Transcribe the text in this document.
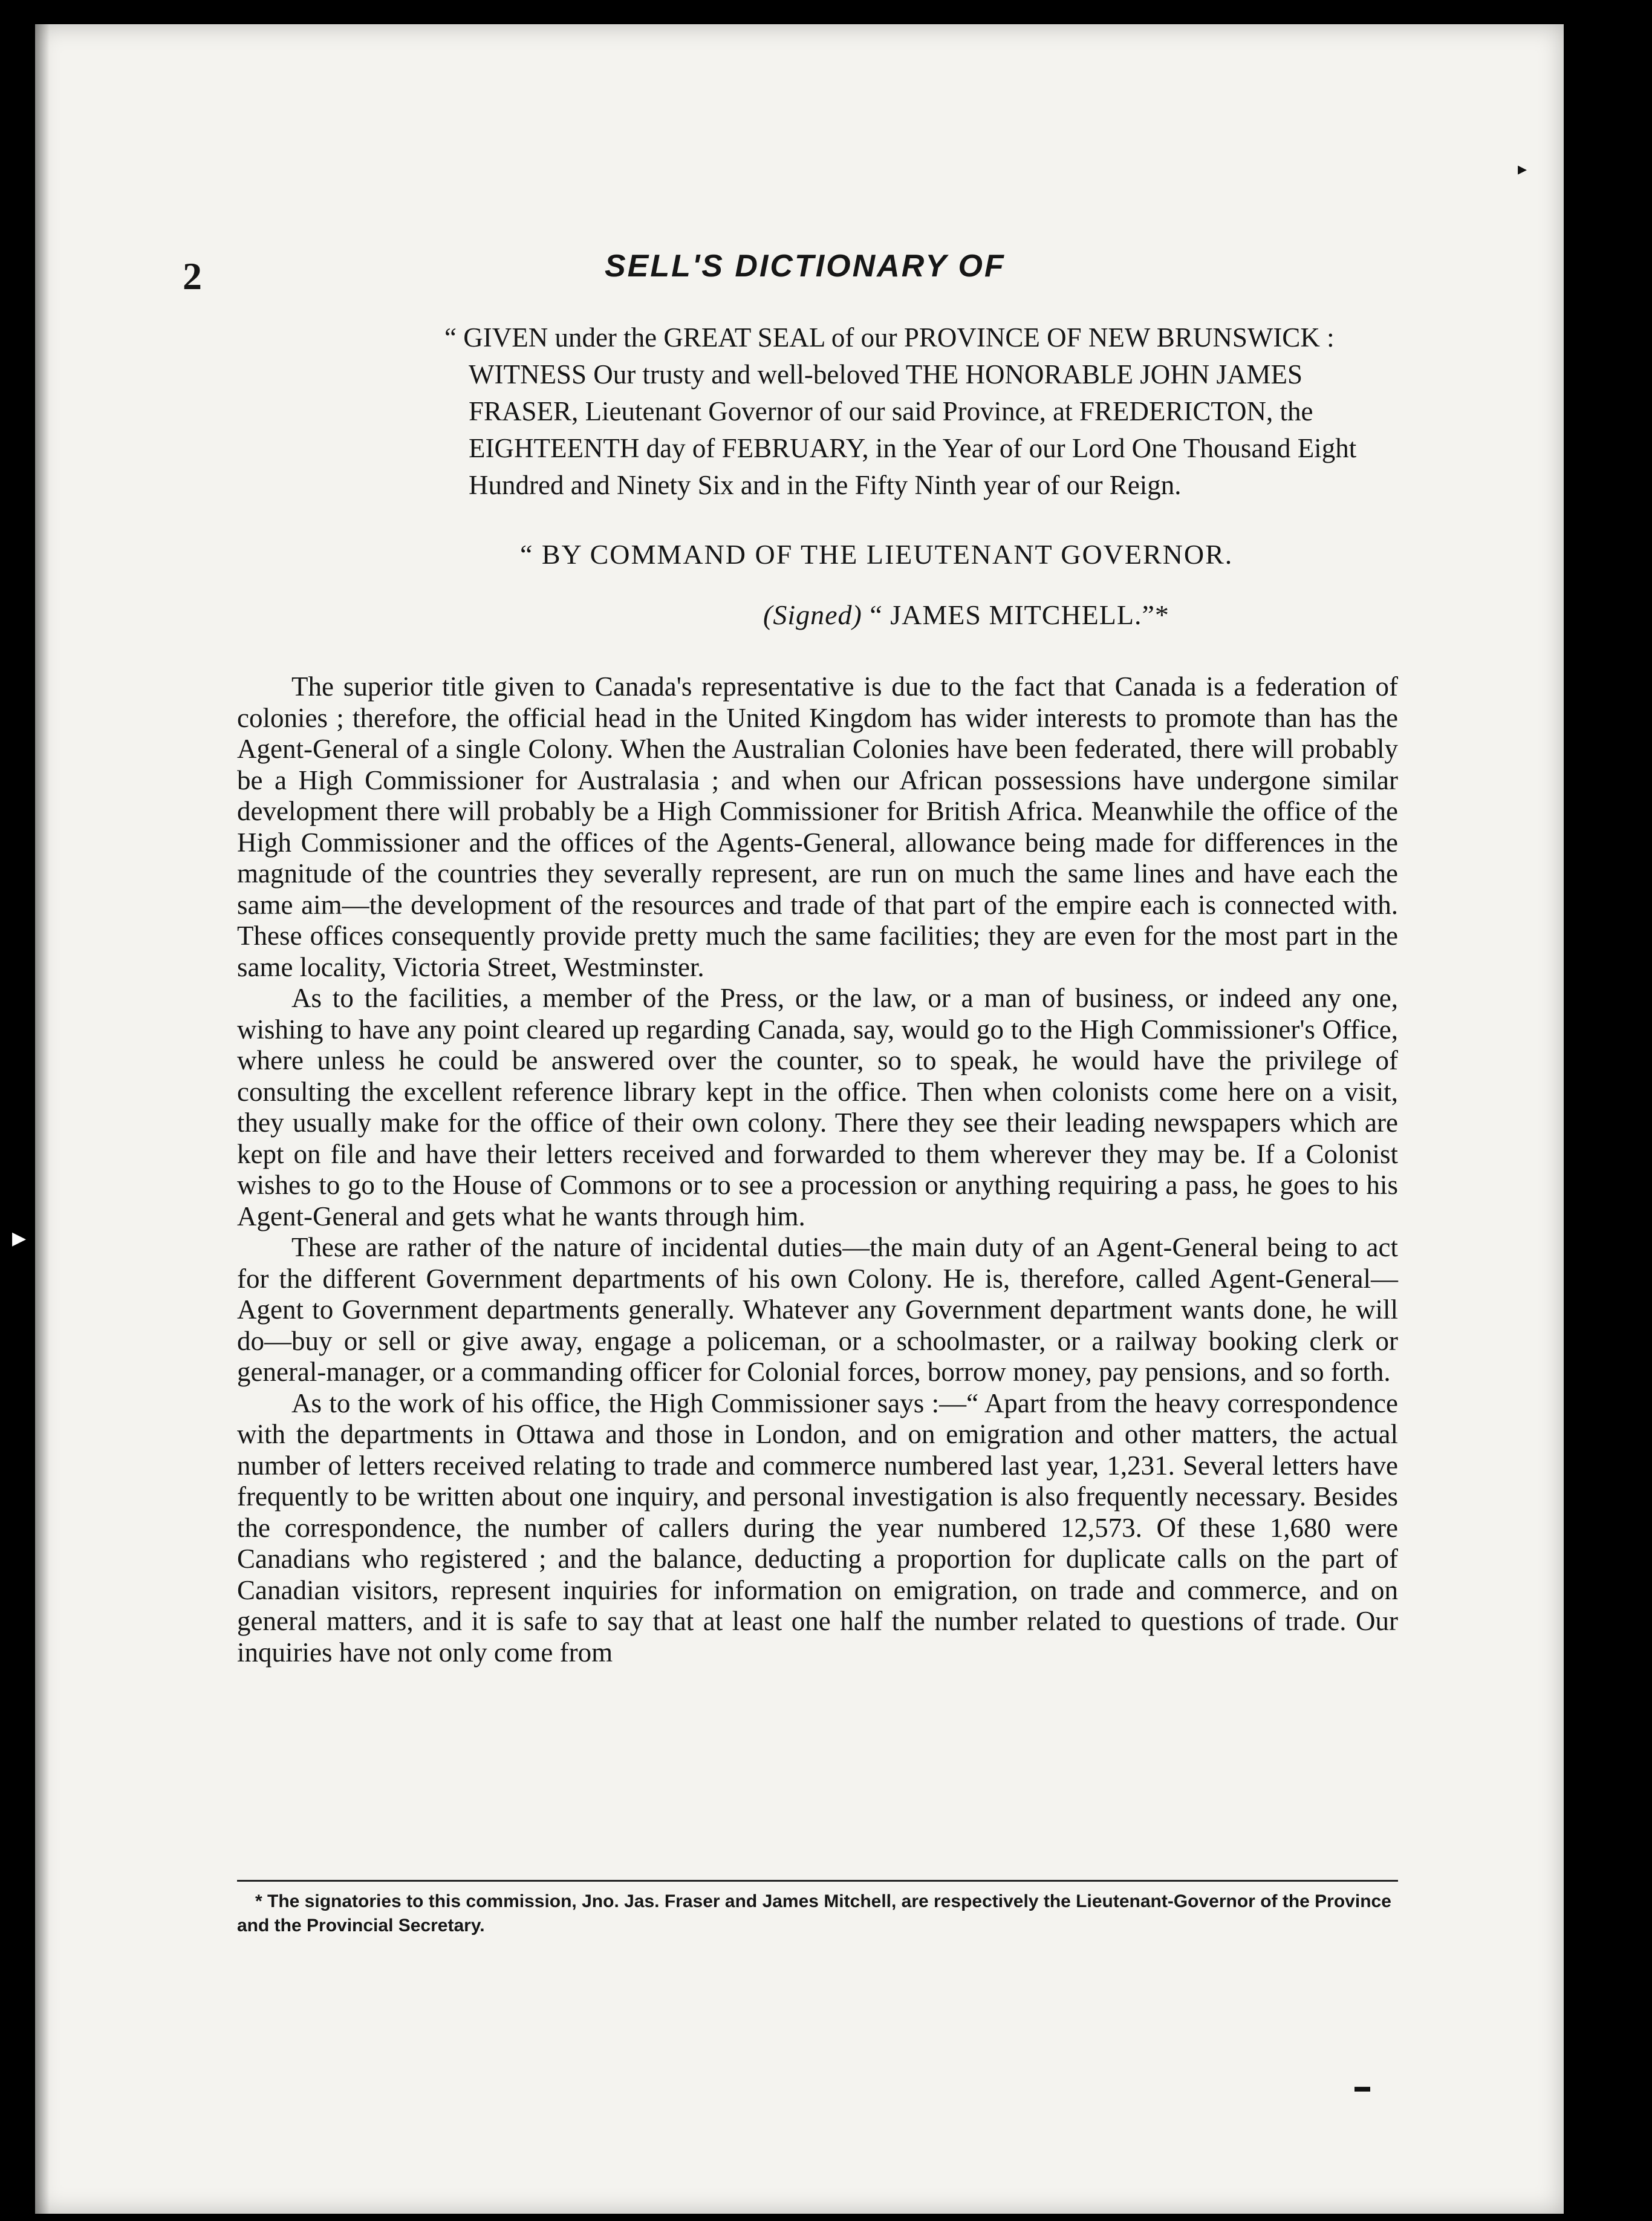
2	SELL'S DICTIONARY OF

“ GIVEN under the GREAT SEAL of our PROVINCE OF NEW BRUNSWICK : WITNESS Our trusty and well-beloved THE HONORABLE JOHN JAMES FRASER, Lieutenant Governor of our said Province, at FREDERICTON, the EIGHTEENTH day of FEBRUARY, in the Year of our Lord One Thousand Eight Hundred and Ninety Six and in the Fifty Ninth year of our Reign.

“ BY COMMAND OF THE LIEUTENANT GOVERNOR.
(Signed) “ JAMES MITCHELL.”*

The superior title given to Canada's representative is due to the fact that Canada is a federation of colonies ; therefore, the official head in the United Kingdom has wider interests to promote than has the Agent-General of a single Colony. When the Australian Colonies have been federated, there will probably be a High Commissioner for Australasia ; and when our African possessions have undergone similar development there will probably be a High Commissioner for British Africa. Meanwhile the office of the High Commissioner and the offices of the Agents-General, allowance being made for differences in the magnitude of the countries they severally represent, are run on much the same lines and have each the same aim—the development of the resources and trade of that part of the empire each is connected with. These offices consequently provide pretty much the same facilities; they are even for the most part in the same locality, Victoria Street, Westminster.

As to the facilities, a member of the Press, or the law, or a man of business, or indeed any one, wishing to have any point cleared up regarding Canada, say, would go to the High Commissioner's Office, where unless he could be answered over the counter, so to speak, he would have the privilege of consulting the excellent reference library kept in the office. Then when colonists come here on a visit, they usually make for the office of their own colony. There they see their leading newspapers which are kept on file and have their letters received and forwarded to them wherever they may be. If a Colonist wishes to go to the House of Commons or to see a procession or anything requiring a pass, he goes to his Agent-General and gets what he wants through him.

These are rather of the nature of incidental duties—the main duty of an Agent-General being to act for the different Government departments of his own Colony. He is, therefore, called Agent-General—Agent to Government departments generally. Whatever any Government department wants done, he will do—buy or sell or give away, engage a policeman, or a schoolmaster, or a railway booking clerk or general-manager, or a commanding officer for Colonial forces, borrow money, pay pensions, and so forth.

As to the work of his office, the High Commissioner says :—“ Apart from the heavy correspondence with the departments in Ottawa and those in London, and on emigration and other matters, the actual number of letters received relating to trade and commerce numbered last year, 1,231. Several letters have frequently to be written about one inquiry, and personal investigation is also frequently necessary. Besides the correspondence, the number of callers during the year numbered 12,573. Of these 1,680 were Canadians who registered ; and the balance, deducting a proportion for duplicate calls on the part of Canadian visitors, represent inquiries for information on emigration, on trade and commerce, and on general matters, and it is safe to say that at least one half the number related to questions of trade. Our inquiries have not only come from

* The signatories to this commission, Jno. Jas. Fraser and James Mitchell, are respectively the Lieutenant-Governor of the Province and the Provincial Secretary.
▸
▶
▬
